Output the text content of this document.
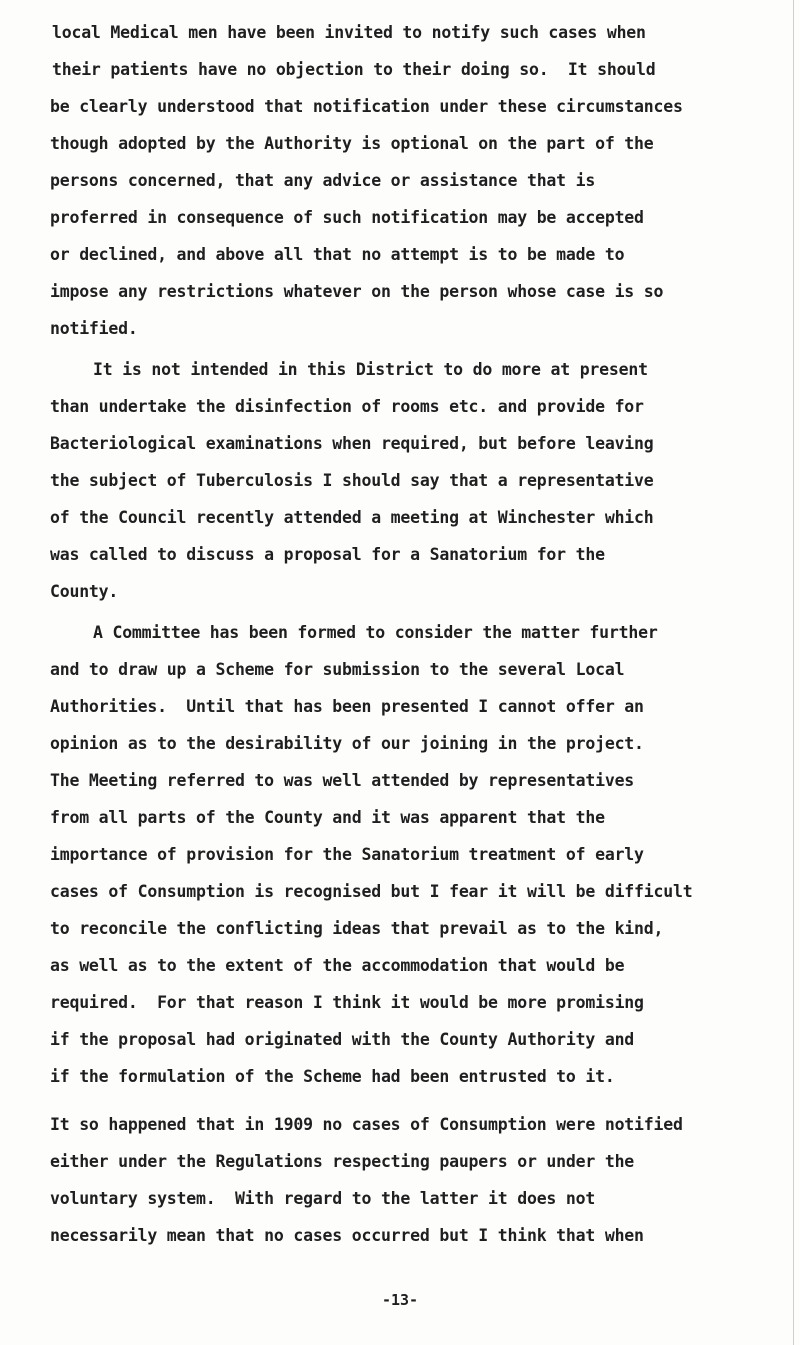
local Medical men have been invited to notify such cases when
their patients have no objection to their doing so.  It should
be clearly understood that notification under these circumstances
though adopted by the Authority is optional on the part of the
persons concerned, that any advice or assistance that is
proferred in consequence of such notification may be accepted
or declined, and above all that no attempt is to be made to
impose any restrictions whatever on the person whose case is so
notified.
It is not intended in this District to do more at present
than undertake the disinfection of rooms etc. and provide for
Bacteriological examinations when required, but before leaving
the subject of Tuberculosis I should say that a representative
of the Council recently attended a meeting at Winchester which
was called to discuss a proposal for a Sanatorium for the
County.
A Committee has been formed to consider the matter further
and to draw up a Scheme for submission to the several Local
Authorities.  Until that has been presented I cannot offer an
opinion as to the desirability of our joining in the project.
The Meeting referred to was well attended by representatives
from all parts of the County and it was apparent that the
importance of provision for the Sanatorium treatment of early
cases of Consumption is recognised but I fear it will be difficult
to reconcile the conflicting ideas that prevail as to the kind,
as well as to the extent of the accommodation that would be
required.  For that reason I think it would be more promising
if the proposal had originated with the County Authority and
if the formulation of the Scheme had been entrusted to it.
It so happened that in 1909 no cases of Consumption were notified
either under the Regulations respecting paupers or under the
voluntary system.  With regard to the latter it does not
necessarily mean that no cases occurred but I think that when
-13-
